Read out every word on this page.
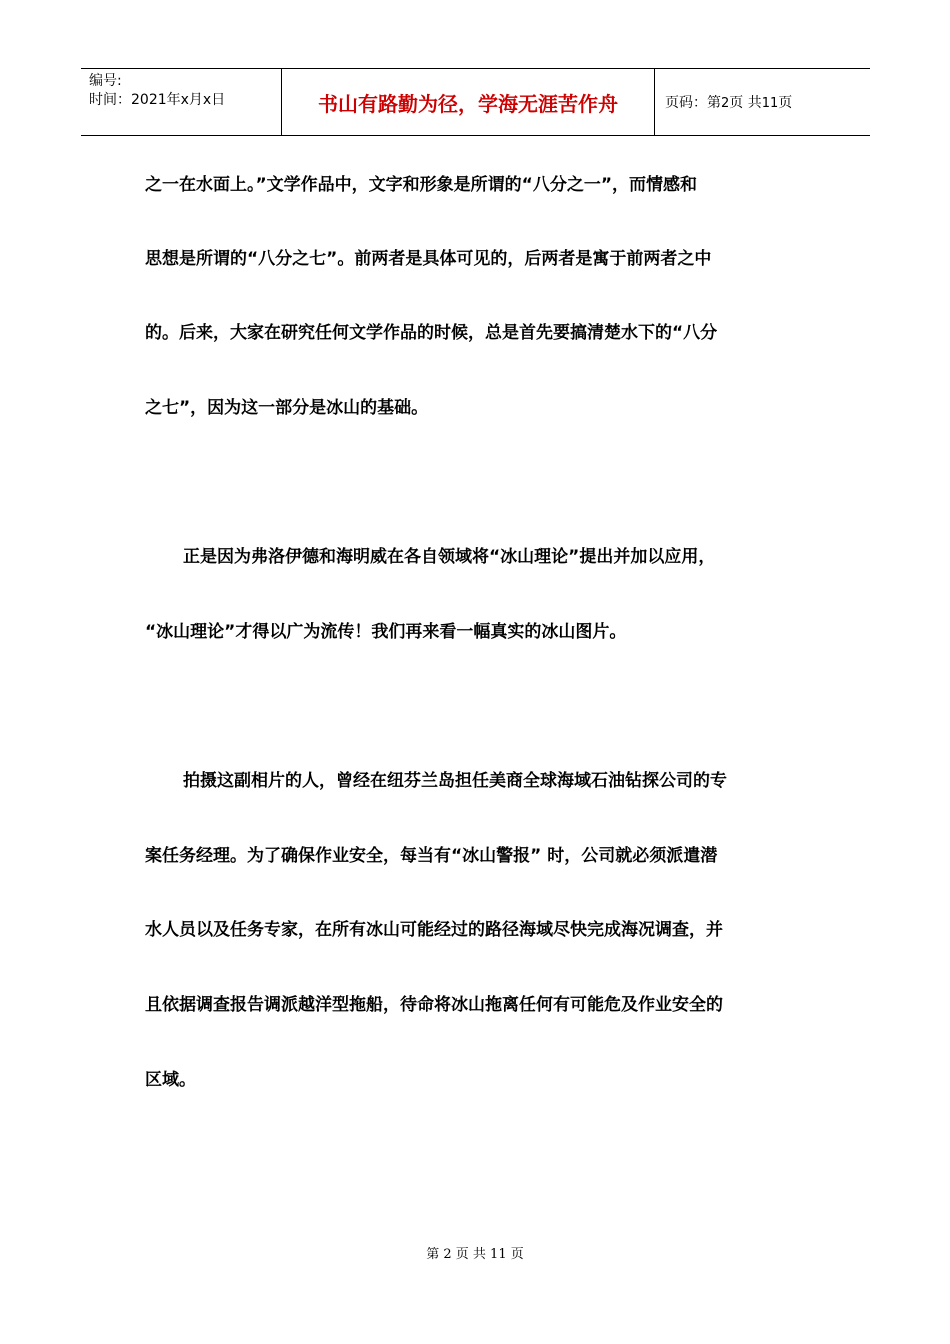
编号:
时间：2021年x月x日	书山有路勤为径，学海无涯苦作舟	页码：第2页 共11页
之一在水面上。”文学作品中，文字和形象是所谓的“八分之一”，而情感和
思想是所谓的“八分之七”。前两者是具体可见的，后两者是寓于前两者之中
的。后来，大家在研究任何文学作品的时候，总是首先要搞清楚水下的“八分
之七”，因为这一部分是冰山的基础。
正是因为弗洛伊德和海明威在各自领域将“冰山理论”提出并加以应用，
“冰山理论”才得以广为流传！我们再来看一幅真实的冰山图片。
拍摄这副相片的人，曾经在纽芬兰岛担任美商全球海域石油钻探公司的专
案任务经理。为了确保作业安全，每当有“冰山警报” 时，公司就必须派遣潜
水人员以及任务专家，在所有冰山可能经过的路径海域尽快完成海况调查，并
且依据调查报告调派越洋型拖船，待命将冰山拖离任何有可能危及作业安全的
区域。
第 2 页 共 11 页
